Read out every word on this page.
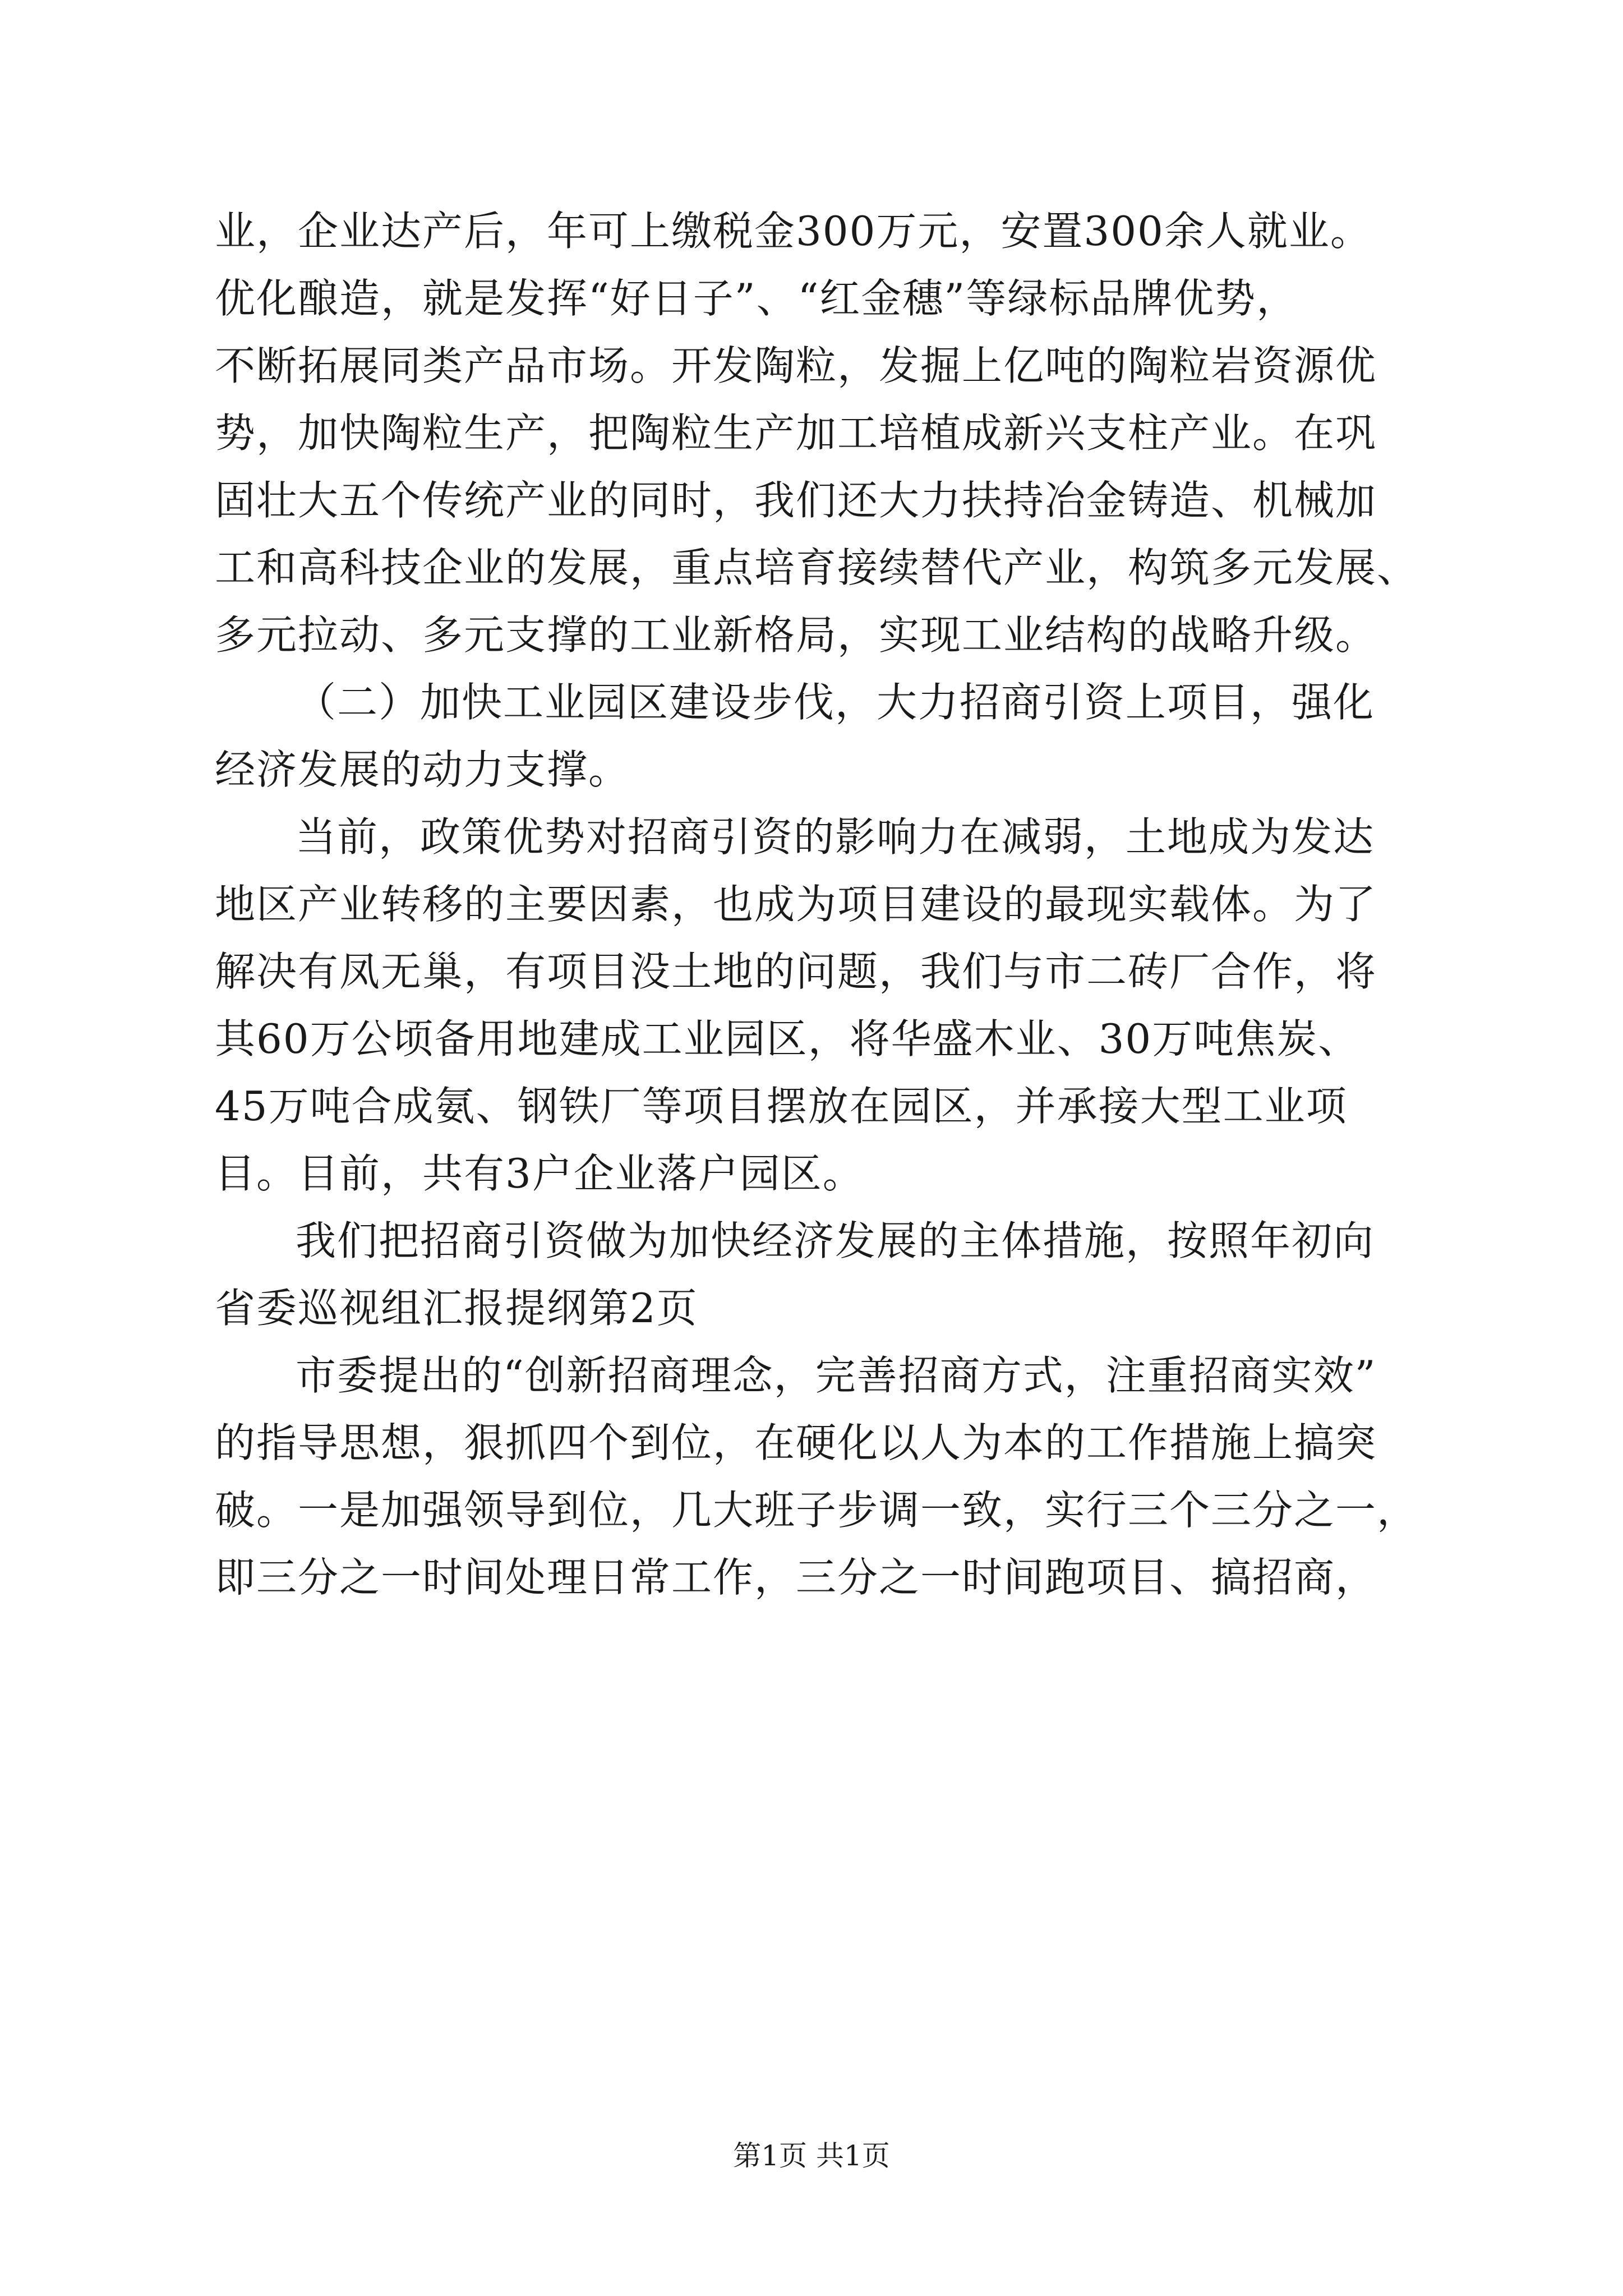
业，企业达产后，年可上缴税金300万元，安置300余人就业。
优化酿造，就是发挥“好日子”、“红金穗”等绿标品牌优势，
不断拓展同类产品市场。开发陶粒，发掘上亿吨的陶粒岩资源优
势，加快陶粒生产，把陶粒生产加工培植成新兴支柱产业。在巩
固壮大五个传统产业的同时，我们还大力扶持冶金铸造、机械加
工和高科技企业的发展，重点培育接续替代产业，构筑多元发展、
多元拉动、多元支撑的工业新格局，实现工业结构的战略升级。
（二）加快工业园区建设步伐，大力招商引资上项目，强化
经济发展的动力支撑。
当前，政策优势对招商引资的影响力在减弱，土地成为发达
地区产业转移的主要因素，也成为项目建设的最现实载体。为了
解决有凤无巢，有项目没土地的问题，我们与市二砖厂合作，将
其60万公顷备用地建成工业园区，将华盛木业、30万吨焦炭、
45万吨合成氨、钢铁厂等项目摆放在园区，并承接大型工业项
目。目前，共有3户企业落户园区。
我们把招商引资做为加快经济发展的主体措施，按照年初向
省委巡视组汇报提纲第2页
市委提出的“创新招商理念，完善招商方式，注重招商实效”
的指导思想，狠抓四个到位，在硬化以人为本的工作措施上搞突
破。一是加强领导到位，几大班子步调一致，实行三个三分之一，
即三分之一时间处理日常工作，三分之一时间跑项目、搞招商，
第1页 共1页
